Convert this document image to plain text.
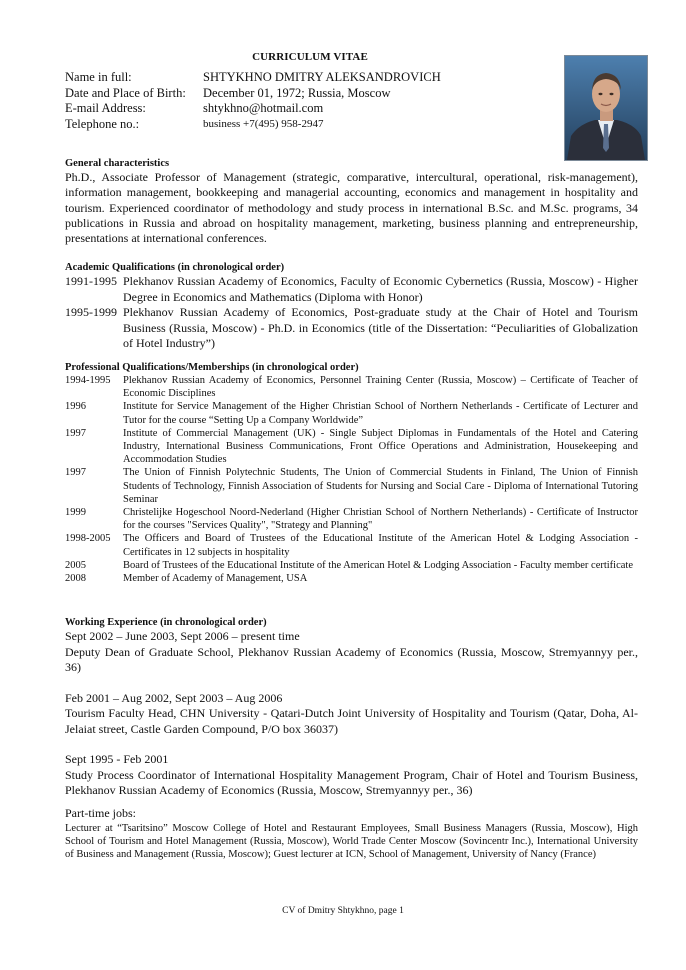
CURRICULUM VITAE
Name in full:	SHTYKHNO DMITRY ALEKSANDROVICH
Date and Place of Birth:	December 01, 1972; Russia, Moscow
E-mail Address:	shtykhno@hotmail.com
Telephone no.:	business +7(495) 958-2947
General characteristics
Ph.D., Associate Professor of Management (strategic, comparative, intercultural, operational, risk-management), information management, bookkeeping and managerial accounting, economics and management in hospitality and tourism. Experienced coordinator of methodology and study process in international B.Sc. and M.Sc. programs, 34 publications in Russia and abroad on hospitality management, marketing, business planning and entrepreneurship, presentations at international conferences.
Academic Qualifications (in chronological order)
1991-1995 Plekhanov Russian Academy of Economics, Faculty of Economic Cybernetics (Russia, Moscow) - Higher Degree in Economics and Mathematics (Diploma with Honor)
1995-1999 Plekhanov Russian Academy of Economics, Post-graduate study at the Chair of Hotel and Tourism Business (Russia, Moscow) - Ph.D. in Economics (title of the Dissertation: “Peculiarities of Globalization of Hotel Industry”)
Professional Qualifications/Memberships (in chronological order)
1994-1995	Plekhanov Russian Academy of Economics, Personnel Training Center (Russia, Moscow) – Certificate of Teacher of Economic Disciplines
1996	Institute for Service Management of the Higher Christian School of Northern Netherlands - Certificate of Lecturer and Tutor for the course “Setting Up a Company Worldwide”
1997	Institute of Commercial Management (UK) - Single Subject Diplomas in Fundamentals of the Hotel and Catering Industry, International Business Communications, Front Office Operations and Administration, Housekeeping and Accommodation Studies
1997	The Union of Finnish Polytechnic Students, The Union of Commercial Students in Finland, The Union of Finnish Students of Technology, Finnish Association of Students for Nursing and Social Care - Diploma of International Tutoring Seminar
1999	Christelijke Hogeschool Noord-Nederland (Higher Christian School of Northern Netherlands) - Certificate of Instructor for the courses "Services Quality", "Strategy and Planning"
1998-2005	The Officers and Board of Trustees of the Educational Institute of the American Hotel & Lodging Association - Certificates in 12 subjects in hospitality
2005	Board of Trustees of the Educational Institute of the American Hotel & Lodging Association - Faculty member certificate
2008	Member of Academy of Management, USA
Working Experience (in chronological order)
Sept 2002 – June 2003, Sept 2006 – present time
Deputy Dean of Graduate School, Plekhanov Russian Academy of Economics (Russia, Moscow, Stremyannyy per., 36)
Feb 2001 – Aug 2002, Sept 2003 – Aug 2006
Tourism Faculty Head, CHN University - Qatari-Dutch Joint University of Hospitality and Tourism (Qatar, Doha, Al-Jelaiat street, Castle Garden Compound, P/O box 36037)
Sept 1995 - Feb 2001
Study Process Coordinator of International Hospitality Management Program, Chair of Hotel and Tourism Business, Plekhanov Russian Academy of Economics (Russia, Moscow, Stremyannyy per., 36)
Part-time jobs:
Lecturer at “Tsaritsino” Moscow College of Hotel and Restaurant Employees, Small Business Managers (Russia, Moscow), High School of Tourism and Hotel Management (Russia, Moscow), World Trade Center Moscow (Sovincentr Inc.), International University of Business and Management (Russia, Moscow); Guest lecturer at ICN, School of Management, University of Nancy (France)
CV of Dmitry Shtykhno, page 1
